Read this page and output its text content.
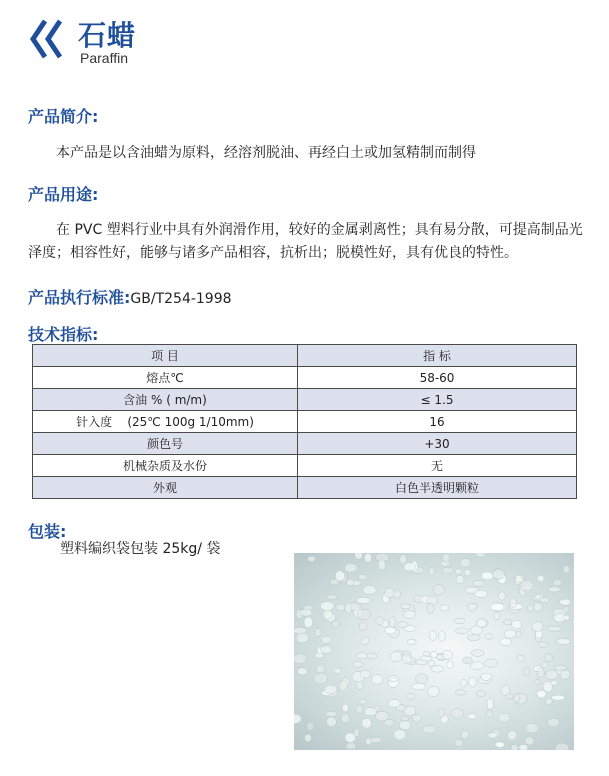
石蜡
Paraffin
产品简介:
本产品是以含油蜡为原料，经溶剂脱油、再经白土或加氢精制而制得
产品用途:
在 PVC 塑料行业中具有外润滑作用，较好的金属剥离性；具有易分散，可提高制品光泽度；相容性好，能够与诸多产品相容，抗析出；脱模性好，具有优良的特性。
产品执行标准:GB/T254-1998
技术指标:
项 目	指 标
熔点℃	58-60
含油 % ( m/m)	≤ 1.5
针入度    (25℃ 100g 1/10mm)	16
颜色号	+30
机械杂质及水份	无
外观	白色半透明颗粒
包装:
塑料编织袋包装 25kg/ 袋
